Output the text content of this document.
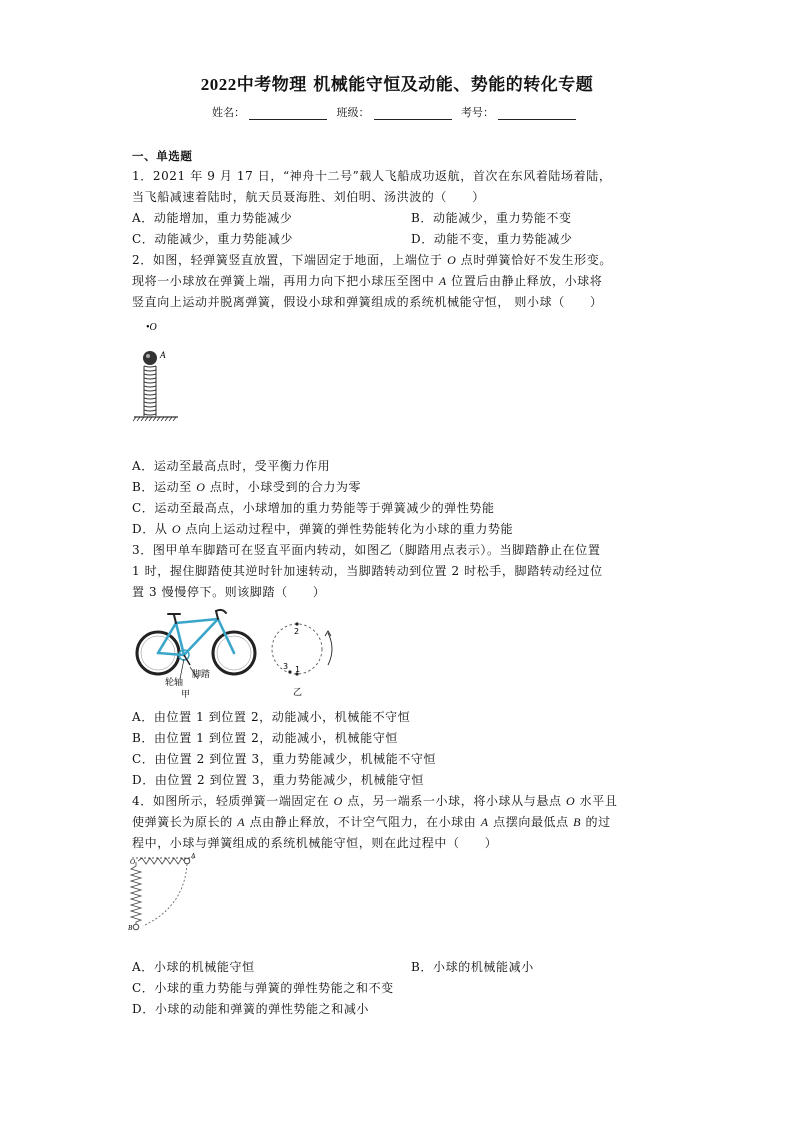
2022中考物理 机械能守恒及动能、势能的转化专题
姓名：	班级：	考号：
一、单选题
1．2021 年 9 月 17 日，“神舟十二号”载人飞船成功返航，首次在东风着陆场着陆，
当飞船减速着陆时，航天员聂海胜、刘伯明、汤洪波的（　　）
A．动能增加，重力势能减少	B．动能减少，重力势能不变
C．动能减少，重力势能减少	D．动能不变，重力势能减少
2．如图，轻弹簧竖直放置，下端固定于地面，上端位于 O 点时弹簧恰好不发生形变。
现将一小球放在弹簧上端，再用力向下把小球压至图中 A 位置后由静止释放，小球将
竖直向上运动并脱离弹簧，假设小球和弹簧组成的系统机械能守恒， 则小球（　　）
•O
A
A．运动至最高点时，受平衡力作用
B．运动至 O 点时，小球受到的合力为零
C．运动至最高点，小球增加的重力势能等于弹簧减少的弹性势能
D．从 O 点向上运动过程中，弹簧的弹性势能转化为小球的重力势能
3．图甲单车脚踏可在竖直平面内转动，如图乙（脚踏用点表示）。当脚踏静止在位置
1 时，握住脚踏使其逆时针加速转动，当脚踏转动到位置 2 时松手，脚踏转动经过位
置 3 慢慢停下。则该脚踏（　　）
轮轴
脚踏
甲
2
1
3
乙
A．由位置 1 到位置 2，动能减小，机械能不守恒
B．由位置 1 到位置 2，动能减小，机械能守恒
C．由位置 2 到位置 3，重力势能减少，机械能不守恒
D．由位置 2 到位置 3，重力势能减少，机械能守恒
4．如图所示，轻质弹簧一端固定在 O 点，另一端系一小球，将小球从与悬点 O 水平且
使弹簧长为原长的 A 点由静止释放，不计空气阻力，在小球由 A 点摆向最低点 B 的过
程中，小球与弹簧组成的系统机械能守恒，则在此过程中（　　）
O
A
B
A．小球的机械能守恒	B．小球的机械能减小
C．小球的重力势能与弹簧的弹性势能之和不变
D．小球的动能和弹簧的弹性势能之和减小
